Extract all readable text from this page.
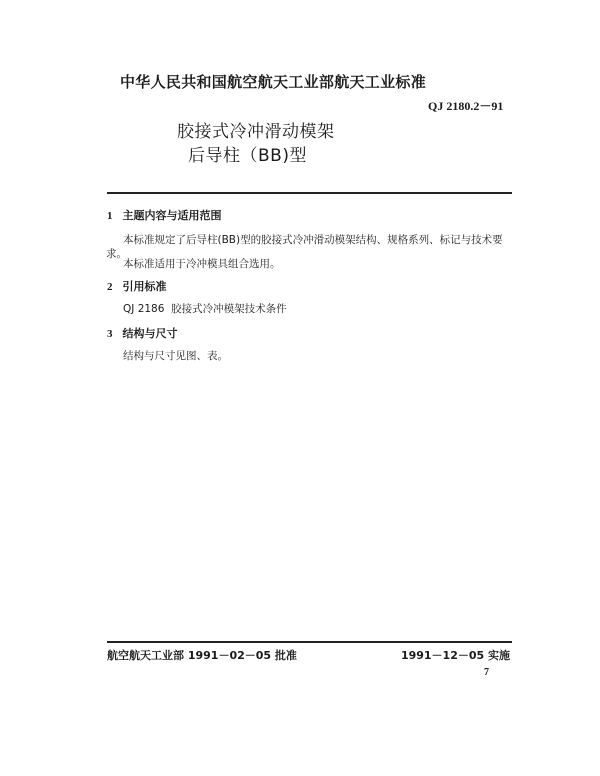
中华人民共和国航空航天工业部航天工业标准
QJ 2180.2－91
胶接式冷冲滑动模架
后导柱（BB)型
1 主题内容与适用范围
本标准规定了后导柱(BB)型的胶接式冷冲滑动模架结构、规格系列、标记与技术要
求。
本标准适用于冷冲模具组合选用。
2 引用标准
QJ 2186  胶接式冷冲模架技术条件
3 结构与尺寸
结构与尺寸见图、表。
航空航天工业部 1991－02－05 批准	1991－12－05 实施
7
